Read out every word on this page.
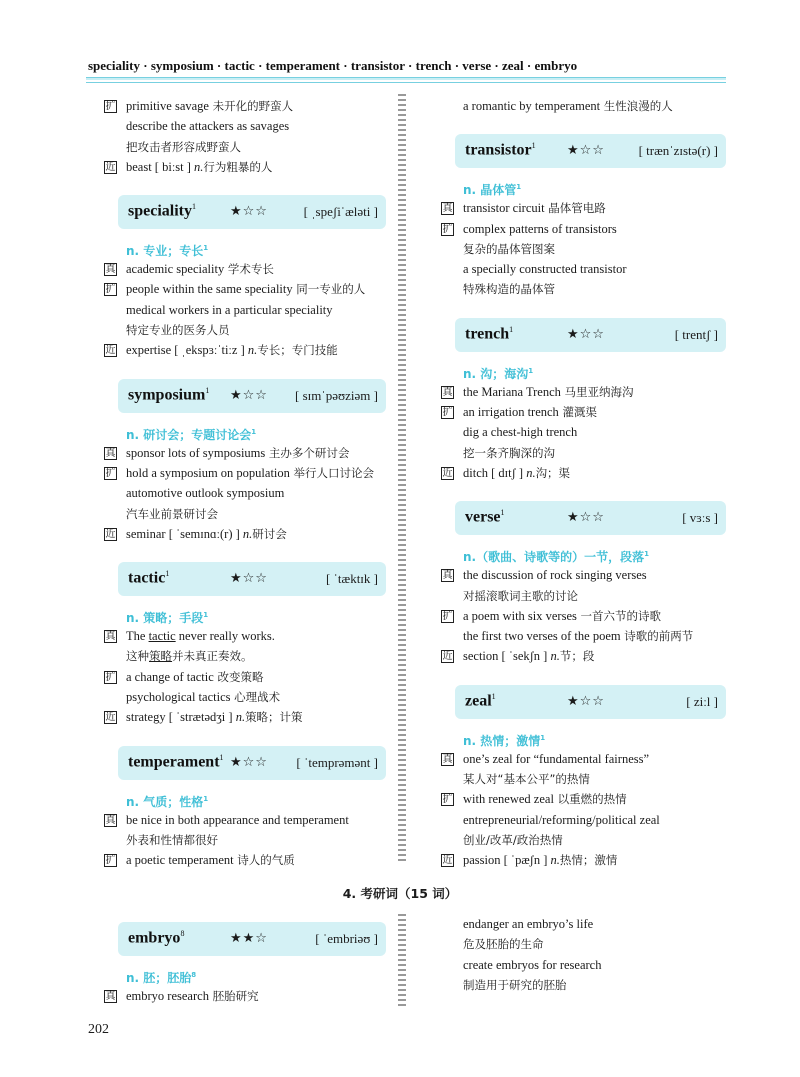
speciality · symposium · tactic · temperament · transistor · trench · verse · zeal · embryo
扩 primitive savage 未开化的野蛮人
describe the attackers as savages
把攻击者形容成野蛮人
近 beast [ biːst ] n.行为粗暴的人
speciality$^1$	★☆☆	[ ˌspeʃiˈæləti ]
n. 专业；专长$^1$
真 academic speciality 学术专长
扩 people within the same speciality 同一专业的人
medical workers in a particular speciality
特定专业的医务人员
近 expertise [ ˌekspɜːˈtiːz ] n.专长；专门技能
symposium$^1$ ★☆☆ [ sɪmˈpəʊziəm ]
n. 研讨会；专题讨论会$^1$
真 sponsor lots of symposiums 主办多个研讨会
扩 hold a symposium on population 举行人口讨论会
automotive outlook symposium
汽车业前景研讨会
近 seminar [ ˈsemɪnɑː(r) ] n.研讨会
tactic$^1$	★☆☆	[ ˈtæktɪk ]
n. 策略；手段$^1$
真 The tactic never really works.
这种策略并未真正奏效。
扩 a change of tactic 改变策略
psychological tactics 心理战术
近 strategy [ ˈstrætədʒi ] n.策略；计策
temperament$^1$ ★☆☆ [ ˈtemprəmənt ]
n. 气质；性格$^1$
真 be nice in both appearance and temperament
外表和性情都很好
扩 a poetic temperament 诗人的气质
a romantic by temperament 生性浪漫的人
transistor$^1$ ★☆☆	[ trænˈzɪstə(r) ]
n. 晶体管$^1$
真 transistor circuit 晶体管电路
扩 complex patterns of transistors
复杂的晶体管图案
a specially constructed transistor
特殊构造的晶体管
trench$^1$	★☆☆	[ trentʃ ]
n. 沟；海沟$^1$
真 the Mariana Trench 马里亚纳海沟
扩 an irrigation trench 灌溉渠
dig a chest-high trench
挖一条齐胸深的沟
近 ditch [ dɪtʃ ] n.沟；渠
verse$^1$	★☆☆	[ vɜːs ]
n.（歌曲、诗歌等的）一节，段落$^1$
真 the discussion of rock singing verses
对摇滚歌词主歌的讨论
扩 a poem with six verses 一首六节的诗歌
the first two verses of the poem 诗歌的前两节
近 section [ ˈsekʃn ] n.节；段
zeal$^1$	★☆☆	[ ziːl ]
n. 热情；激情$^1$
真 one’s zeal for “fundamental fairness”
某人对“基本公平”的热情
扩 with renewed zeal 以重燃的热情
entrepreneurial/reforming/political zeal
创业/改革/政治热情
近 passion [ ˈpæʃn ] n.热情；激情
4. 考研词（15 词）
embryo$^8$	★★☆	[ ˈembriəʊ ]
n. 胚；胚胎$^8$
真 embryo research 胚胎研究
endanger an embryo’s life
危及胚胎的生命
create embryos for research
制造用于研究的胚胎
202
